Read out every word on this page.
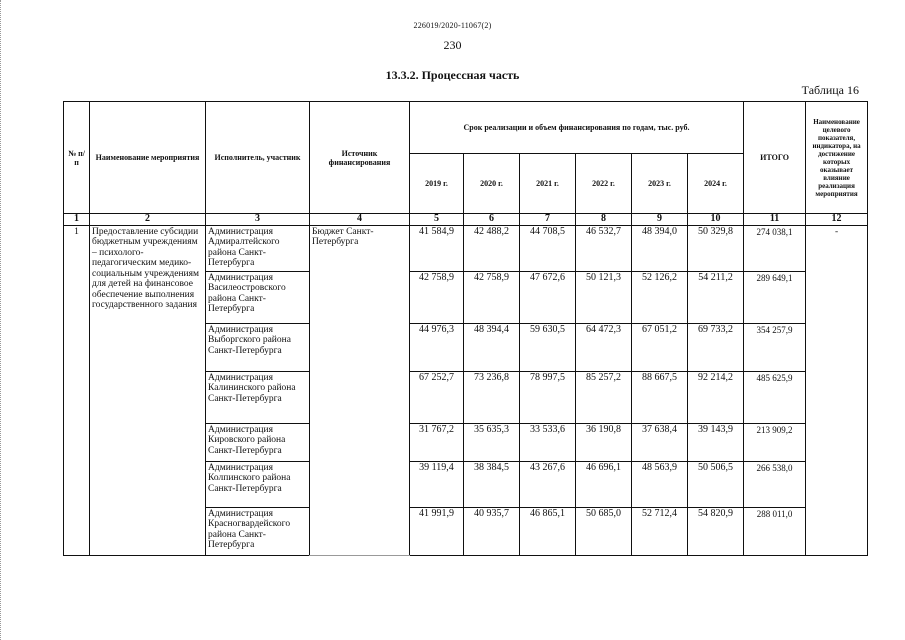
226019/2020-11067(2)
230
13.3.2. Процессная часть
Таблица 16
№ п/п	Наименование мероприятия	Исполнитель, участник	Источник финансирования	Срок реализации и объем финансирования по годам, тыс. руб.						ИТОГО	Наименование целевого показателя, индикатора, на достижение которых оказывает влияние реализация мероприятия
				2019 г.	2020 г.	2021 г.	2022 г.	2023 г.	2024 г.		
1	2	3	4	5	6	7	8	9	10	11	12
1	Предоставление субсидии бюджетным учреждениям – психолого-педагогическим медико-социальным учреждениям для детей на финансовое обеспечение выполнения государственного задания	Администрация Адмиралтейского района Санкт-Петербурга	Бюджет Санкт-Петербурга	41 584,9	42 488,2	44 708,5	46 532,7	48 394,0	50 329,8	274 038,1	-
		Администрация Василеостровского района Санкт-Петербурга		42 758,9	42 758,9	47 672,6	50 121,3	52 126,2	54 211,2	289 649,1	
		Администрация Выборгского района Санкт-Петербурга		44 976,3	48 394,4	59 630,5	64 472,3	67 051,2	69 733,2	354 257,9	
		Администрация Калининского района Санкт-Петербурга		67 252,7	73 236,8	78 997,5	85 257,2	88 667,5	92 214,2	485 625,9	
		Администрация Кировского района Санкт-Петербурга		31 767,2	35 635,3	33 533,6	36 190,8	37 638,4	39 143,9	213 909,2	
		Администрация Колпинского района Санкт-Петербурга		39 119,4	38 384,5	43 267,6	46 696,1	48 563,9	50 506,5	266 538,0	
		Администрация Красногвардейского района Санкт-Петербурга		41 991,9	40 935,7	46 865,1	50 685,0	52 712,4	54 820,9	288 011,0	
